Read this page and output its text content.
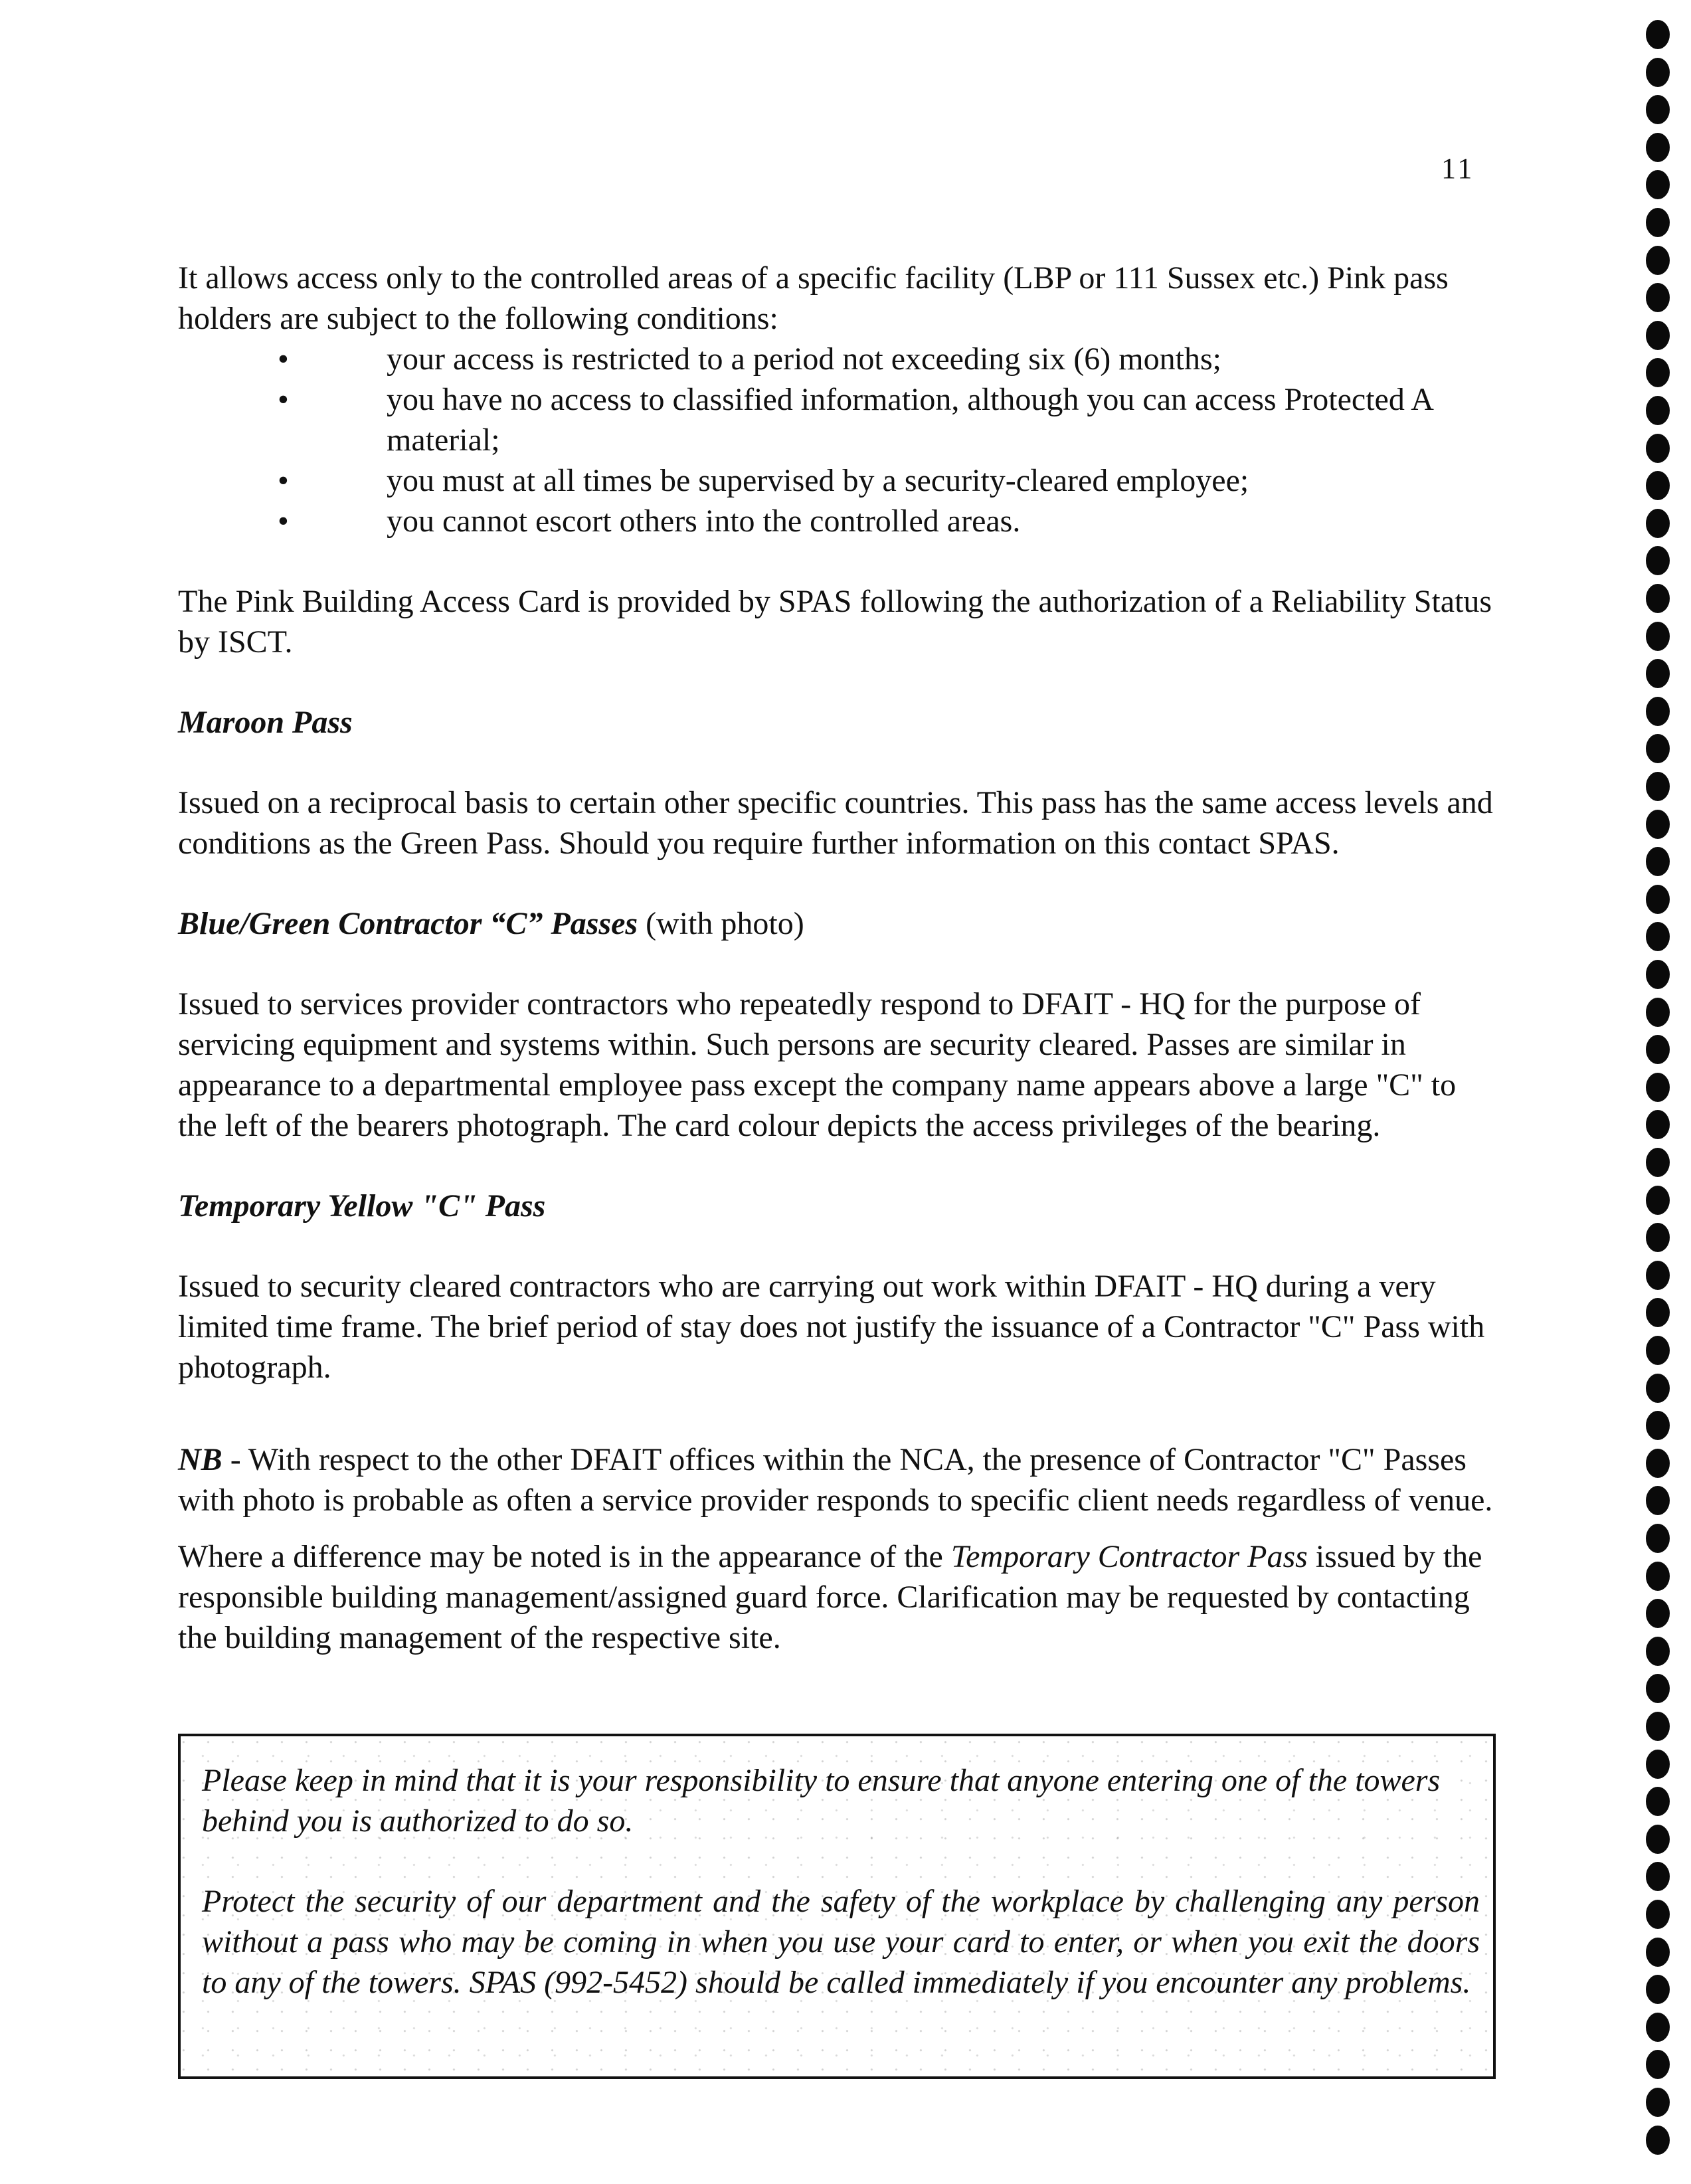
11

It allows access only to the controlled areas of a specific facility (LBP or 111 Sussex etc.) Pink pass holders are subject to the following conditions:

•	your access is restricted to a period not exceeding six (6) months;
•	you have no access to classified information, although you can access Protected A material;
•	you must at all times be supervised by a security-cleared employee;
•	you cannot escort others into the controlled areas.

The Pink Building Access Card is provided by SPAS following the authorization of a Reliability Status by ISCT.

Maroon Pass

Issued on a reciprocal basis to certain other specific countries. This pass has the same access levels and conditions as the Green Pass. Should you require further information on this contact SPAS.

Blue/Green Contractor “C” Passes (with photo)

Issued to services provider contractors who repeatedly respond to DFAIT - HQ for the purpose of servicing equipment and systems within. Such persons are security cleared. Passes are similar in appearance to a departmental employee pass except the company name appears above a large "C" to the left of the bearers photograph. The card colour depicts the access privileges of the bearing.

Temporary Yellow "C" Pass

Issued to security cleared contractors who are carrying out work within DFAIT - HQ during a very limited time frame. The brief period of stay does not justify the issuance of a Contractor "C" Pass with photograph.

NB - With respect to the other DFAIT offices within the NCA, the presence of Contractor "C" Passes with photo is probable as often a service provider responds to specific client needs regardless of venue.

Where a difference may be noted is in the appearance of the Temporary Contractor Pass issued by the responsible building management/assigned guard force. Clarification may be requested by contacting the building management of the respective site.

Please keep in mind that it is your responsibility to ensure that anyone entering one of the towers behind you is authorized to do so.

Protect the security of our department and the safety of the workplace by challenging any person without a pass who may be coming in when you use your card to enter, or when you exit the doors to any of the towers. SPAS (992-5452) should be called immediately if you encounter any problems.
